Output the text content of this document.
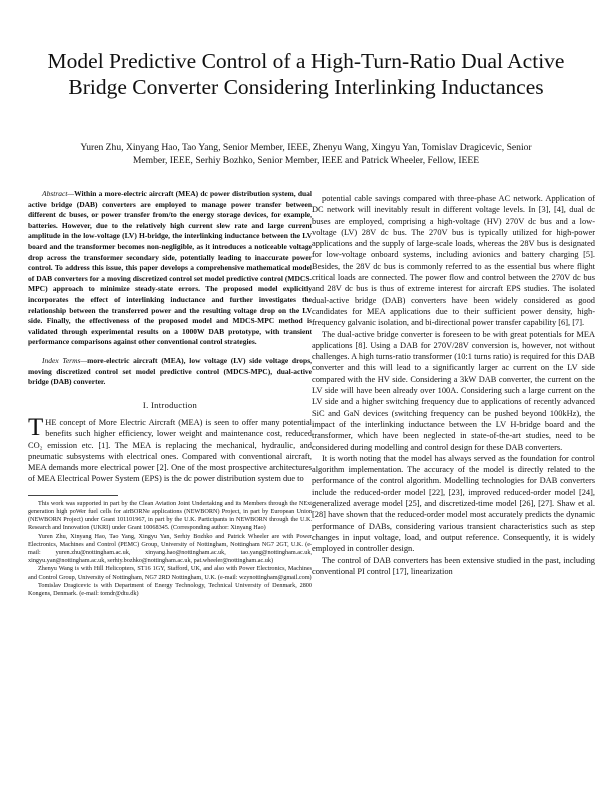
Model Predictive Control of a High-Turn-Ratio Dual Active Bridge Converter Considering Interlinking Inductances
Yuren Zhu, Xinyang Hao, Tao Yang, Senior Member, IEEE, Zhenyu Wang, Xingyu Yan, Tomislav Dragicevic, Senior Member, IEEE, Serhiy Bozhko, Senior Member, IEEE and Patrick Wheeler, Fellow, IEEE

Abstract—Within a more-electric aircraft (MEA) dc power distribution system, dual active bridge (DAB) converters are employed to manage power transfer between different dc buses, or power transfer from/to the energy storage devices, for example, batteries. However, due to the relatively high current slew rate and large current amplitude in the low-voltage (LV) H-bridge, the interlinking inductance between the LV board and the transformer becomes non-negligible, as it introduces a noticeable voltage drop across the transformer secondary side, potentially leading to inaccurate power control. To address this issue, this paper develops a comprehensive mathematical model of DAB converters for a moving discretized control set model predictive control (MDCS-MPC) approach to minimize steady-state errors. The proposed model explicitly incorporates the effect of interlinking inductance and further investigates the relationship between the transferred power and the resulting voltage drop on the LV side. Finally, the effectiveness of the proposed model and MDCS-MPC method is validated through experimental results on a 1000W DAB prototype, with transient performance comparisons against other conventional control strategies.

Index Terms—more-electric aircraft (MEA), low voltage (LV) side voltage drops, moving discretized control set model predictive control (MDCS-MPC), dual-active bridge (DAB) converter.

I. Introduction

THE concept of More Electric Aircraft (MEA) is seen to offer many potential benefits such higher efficiency, lower weight and maintenance cost, reduced CO₂ emission etc. [1]. The MEA is replacing the mechanical, hydraulic, and pneumatic subsystems with electrical ones. Compared with conventional aircraft, MEA demands more electrical power [2]. One of the most prospective architectures of MEA Electrical Power System (EPS) is the dc power distribution system due to

This work was supported in part by the Clean Aviation Joint Undertaking and its Members through the NExt generation high poWer fuel cells for airBORNe applications (NEWBORN) Project, in part by European Union (NEWBORN Project) under Grant 101101967, in part by the U.K. Participants in NEWBORN through the U.K. Research and Innovation (UKRI) under Grant 10068345. (Corresponding author: Xinyang Hao)

Yuren Zhu, Xinyang Hao, Tao Yang, Xingyu Yan, Serhiy Bozhko and Patrick Wheeler are with Power Electronics, Machines and Control (PEMC) Group, University of Nottingham, Nottingham NG7 2GT, U.K. (e-mail: yuren.zhu@nottingham.ac.uk, xinyang.hao@nottingham.ac.uk, tao.yang@nottingham.ac.uk, xingyu.yan@nottingham.ac.uk, serhiy.bozhko@nottingham.ac.uk, pat.wheeler@nottingham.ac.uk)

Zhenyu Wang is with Hill Helicopters, ST16 1GY, Stafford, UK, and also with Power Electronics, Machines and Control Group, University of Nottingham, NG7 2RD Nottingham, U.K. (e-mail: wzynottingham@gmail.com)

Tomislav Dragicevic is with Department of Energy Technology, Technical University of Denmark, 2800 Kongens, Denmark. (e-mail: tomdr@dtu.dk)

potential cable savings compared with three-phase AC network. Application of DC network will inevitably result in different voltage levels. In [3], [4], dual dc buses are employed, comprising a high-voltage (HV) 270V dc bus and a low-voltage (LV) 28V dc bus. The 270V bus is typically utilized for high-power applications and the supply of large-scale loads, whereas the 28V bus is designated for low-voltage onboard systems, including avionics and battery charging [5]. Besides, the 28V dc bus is commonly referred to as the essential bus where flight critical loads are connected. The power flow and control between the 270V dc bus and 28V dc bus is thus of extreme interest for aircraft EPS studies. The isolated dual-active bridge (DAB) converters have been widely considered as good candidates for MEA applications due to their sufficient power density, high-frequency galvanic isolation, and bi-directional power transfer capability [6], [7].

The dual-active bridge converter is foreseen to be with great potentials for MEA applications [8]. Using a DAB for 270V/28V conversion is, however, not without challenges. A high turns-ratio transformer (10:1 turns ratio) is required for this DAB converter and this will lead to a significantly larger ac current on the LV side compared with the HV side. Considering a 3kW DAB converter, the current on the LV side will have been already over 100A. Considering such a large current on the LV side and a higher switching frequency due to applications of recently advanced SiC and GaN devices (switching frequency can be pushed beyond 100kHz), the impact of the interlinking inductance between the LV H-bridge board and the transformer, which have been neglected in state-of-the-art studies, need to be considered during modelling and control design for these DAB converters.

It is worth noting that the model has always served as the foundation for control algorithm implementation. The accuracy of the model is directly related to the performance of the control algorithm. Modelling technologies for DAB converters include the reduced-order model [22], [23], improved reduced-order model [24], generalized average model [25], and discretized-time model [26], [27]. Shaw et al. [28] have shown that the reduced-order model most accurately predicts the dynamic performance of DABs, considering various transient characteristics such as step changes in input voltage, load, and output reference. Consequently, it is widely employed in controller design.

The control of DAB converters has been extensive studied in the past, including conventional PI control [17], linearization
